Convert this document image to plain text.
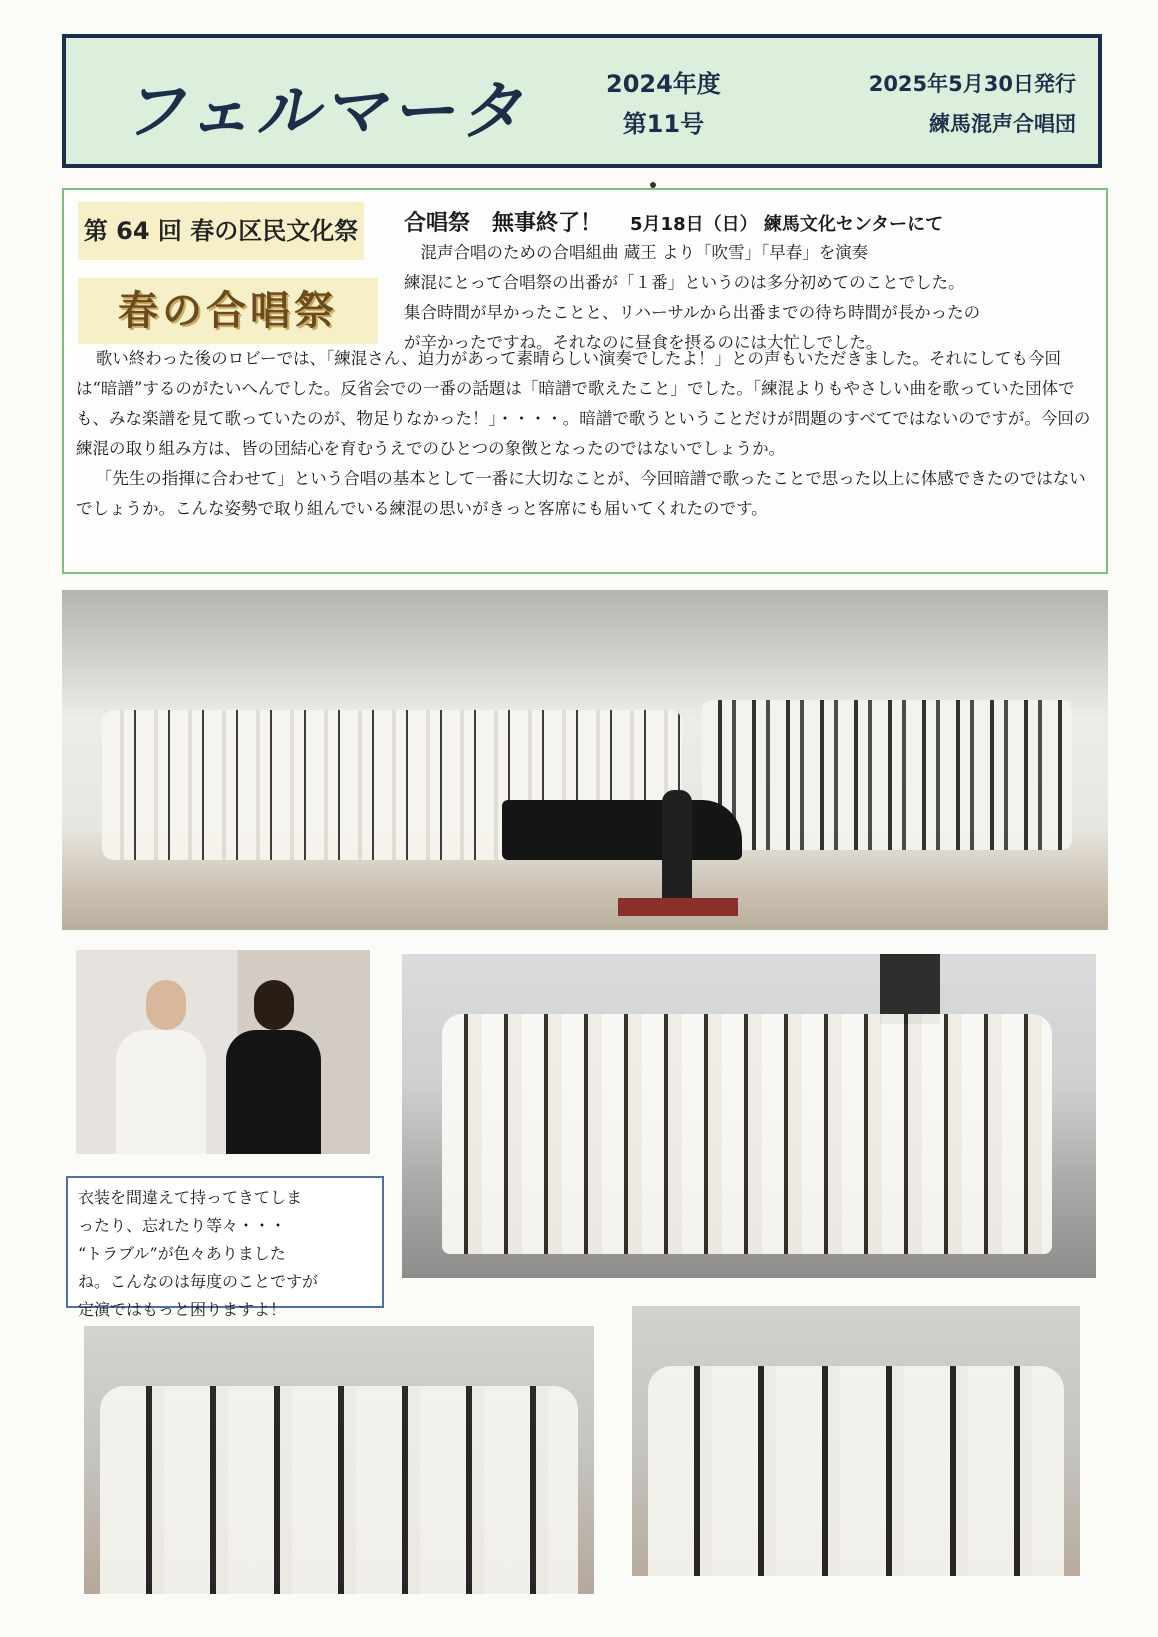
フェルマータ	2024年度
第11号
2025年5月30日発行
練馬混声合唱団
第 64 回 春の区民文化祭
春の合唱祭
合唱祭　無事終了！ 5月18日（日） 練馬文化センターにて
　混声合唱のための合唱組曲 蔵王 より「吹雪」「早春」を演奏
練混にとって合唱祭の出番が「１番」というのは多分初めてのことでした。
集合時間が早かったことと、リハーサルから出番までの待ち時間が長かったの
が辛かったですね。それなのに昼食を摂るのには大忙しでした。

歌い終わった後のロビーでは、「練混さん、迫力があって素晴らしい演奏でしたよ！」との声もいただきました。それにしても今回は“暗譜”するのがたいへんでした。反省会での一番の話題は「暗譜で歌えたこと」でした。「練混よりもやさしい曲を歌っていた団体でも、みな楽譜を見て歌っていたのが、物足りなかった！」・・・・。暗譜で歌うということだけが問題のすべてではないのですが。今回の練混の取り組み方は、皆の団結心を育むうえでのひとつの象徴となったのではないでしょうか。

「先生の指揮に合わせて」という合唱の基本として一番に大切なことが、今回暗譜で歌ったことで思った以上に体感できたのではないでしょうか。こんな姿勢で取り組んでいる練混の思いがきっと客席にも届いてくれたのです。

衣装を間違えて持ってきてしま
ったり、忘れたり等々・・・
“トラブル”が色々ありました
ね。こんなのは毎度のことですが
定演ではもっと困りますよ！
